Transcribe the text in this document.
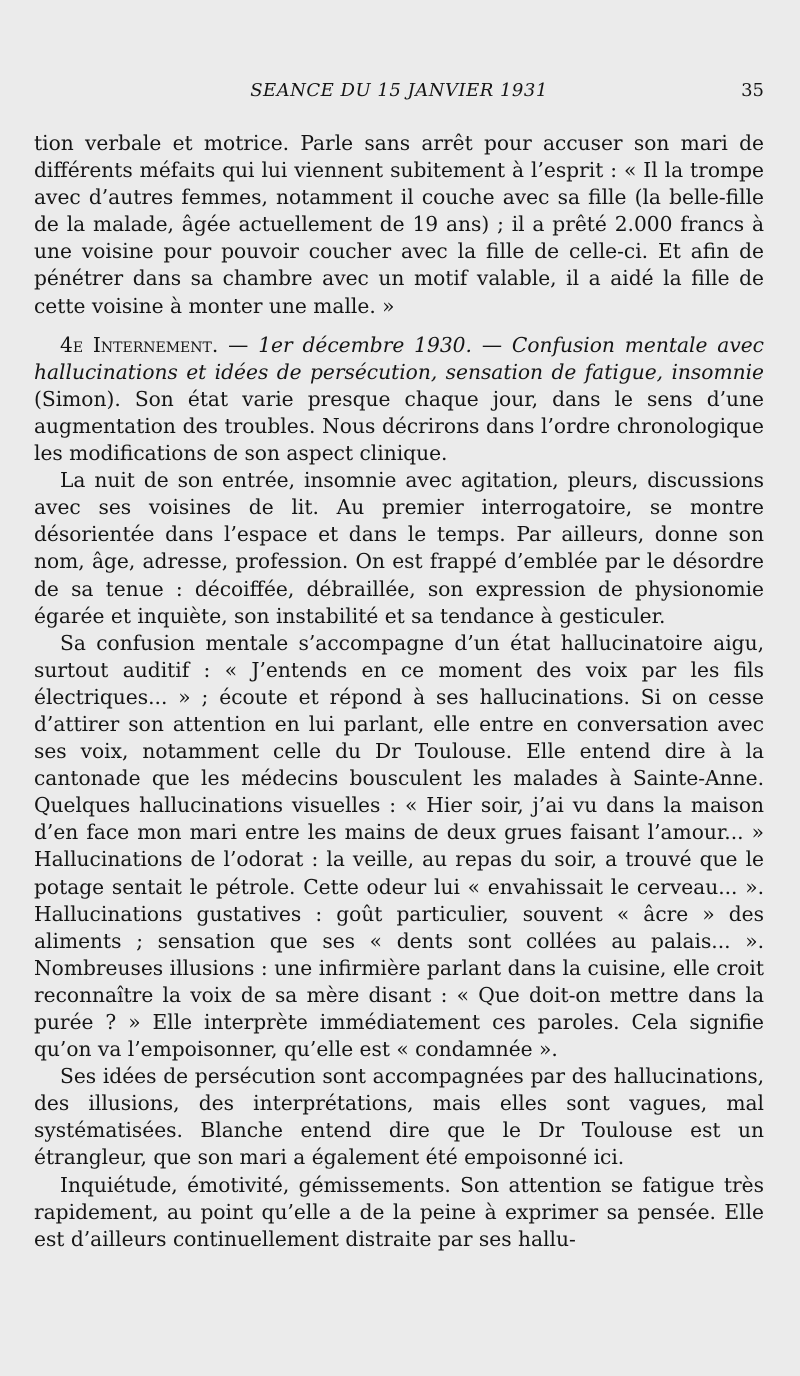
SEANCE DU 15 JANVIER 1931	35

tion verbale et motrice. Parle sans arrêt pour accuser son mari de différents méfaits qui lui viennent subitement à l’esprit : « Il la trompe avec d’autres femmes, notamment il couche avec sa fille (la belle-fille de la malade, âgée actuellement de 19 ans) ; il a prêté 2.000 francs à une voisine pour pouvoir coucher avec la fille de celle-ci. Et afin de pénétrer dans sa chambre avec un motif valable, il a aidé la fille de cette voisine à monter une malle. »

4e Internement. — 1er décembre 1930. — Confusion mentale avec hallucinations et idées de persécution, sensation de fatigue, insomnie (Simon). Son état varie presque chaque jour, dans le sens d’une augmentation des troubles. Nous décrirons dans l’ordre chronologique les modifications de son aspect clinique.

La nuit de son entrée, insomnie avec agitation, pleurs, discussions avec ses voisines de lit. Au premier interrogatoire, se montre désorientée dans l’espace et dans le temps. Par ailleurs, donne son nom, âge, adresse, profession. On est frappé d’emblée par le désordre de sa tenue : décoiffée, débraillée, son expression de physionomie égarée et inquiète, son instabilité et sa tendance à gesticuler.

Sa confusion mentale s’accompagne d’un état hallucinatoire aigu, surtout auditif : « J’entends en ce moment des voix par les fils électriques... » ; écoute et répond à ses hallucinations. Si on cesse d’attirer son attention en lui parlant, elle entre en conversation avec ses voix, notamment celle du Dr Toulouse. Elle entend dire à la cantonade que les médecins bousculent les malades à Sainte-Anne. Quelques hallucinations visuelles : « Hier soir, j’ai vu dans la maison d’en face mon mari entre les mains de deux grues faisant l’amour... » Hallucinations de l’odorat : la veille, au repas du soir, a trouvé que le potage sentait le pétrole. Cette odeur lui « envahissait le cerveau... ». Hallucinations gustatives : goût particulier, souvent « âcre » des aliments ; sensation que ses « dents sont collées au palais... ». Nombreuses illusions : une infirmière parlant dans la cuisine, elle croit reconnaître la voix de sa mère disant : « Que doit-on mettre dans la purée ? » Elle interprète immédiatement ces paroles. Cela signifie qu’on va l’empoisonner, qu’elle est « condamnée ».

Ses idées de persécution sont accompagnées par des hallucinations, des illusions, des interprétations, mais elles sont vagues, mal systématisées. Blanche entend dire que le Dr Toulouse est un étrangleur, que son mari a également été empoisonné ici.

Inquiétude, émotivité, gémissements. Son attention se fatigue très rapidement, au point qu’elle a de la peine à exprimer sa pensée. Elle est d’ailleurs continuellement distraite par ses hallu-
